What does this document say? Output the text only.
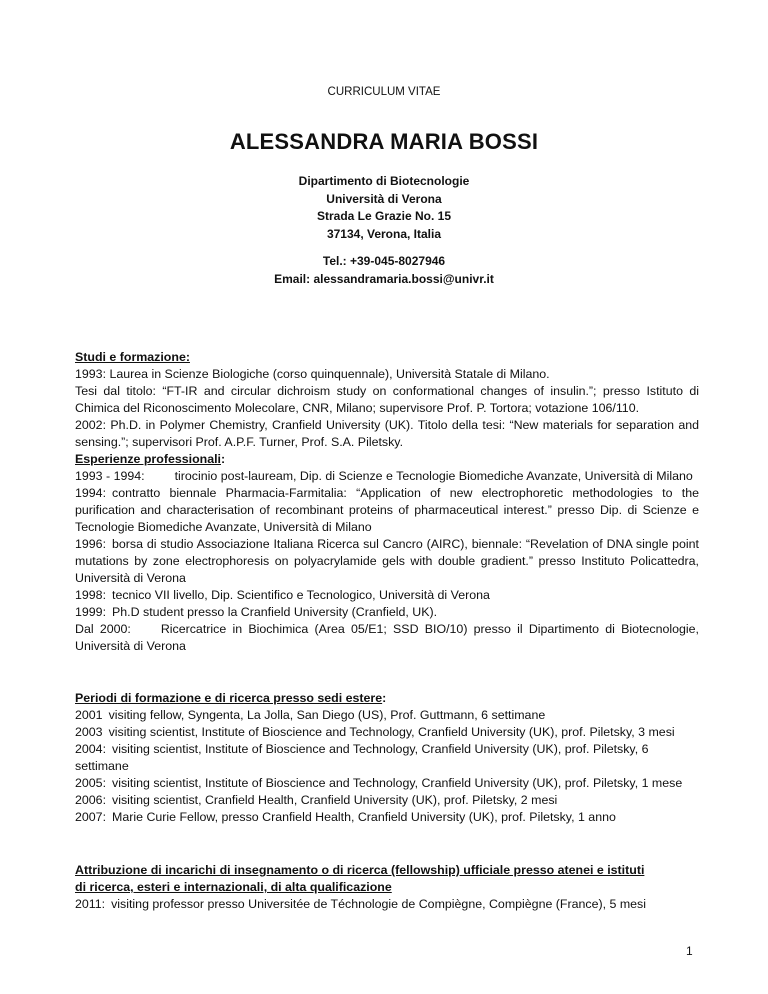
CURRICULUM VITAE
ALESSANDRA MARIA BOSSI
Dipartimento di Biotecnologie
Università di Verona
Strada Le Grazie No. 15
37134, Verona, Italia
Tel.: +39-045-8027946
Email: alessandramaria.bossi@univr.it
Studi e formazione:

1993: Laurea in Scienze Biologiche (corso quinquennale), Università Statale di Milano.

Tesi dal titolo: “FT-IR and circular dichroism study on conformational changes of insulin.”; presso Istituto di Chimica del Riconoscimento Molecolare, CNR, Milano; supervisore Prof. P. Tortora; votazione 106/110.

2002: Ph.D. in Polymer Chemistry, Cranfield University (UK). Titolo della tesi: “New materials for separation and sensing.”; supervisori Prof. A.P.F. Turner, Prof. S.A. Piletsky.

Esperienze professionali:

1993 - 1994: tirocinio post-lauream, Dip. di Scienze e Tecnologie Biomediche Avanzate, Università di Milano

1994: contratto biennale Pharmacia-Farmitalia: “Application of new electrophoretic methodologies to the purification and characterisation of recombinant proteins of pharmaceutical interest.” presso Dip. di Scienze e Tecnologie Biomediche Avanzate, Università di Milano

1996: borsa di studio Associazione Italiana Ricerca sul Cancro (AIRC), biennale: “Revelation of DNA single point mutations by zone electrophoresis on polyacrylamide gels with double gradient.” presso Instituto Policattedra, Università di Verona

1998: tecnico VII livello, Dip. Scientifico e Tecnologico, Università di Verona

1999: Ph.D student presso la Cranfield University (Cranfield, UK).

Dal 2000: Ricercatrice in Biochimica (Area 05/E1; SSD BIO/10) presso il Dipartimento di Biotecnologie, Università di Verona

Periodi di formazione e di ricerca presso sedi estere:

2001 visiting fellow, Syngenta, La Jolla, San Diego (US), Prof. Guttmann, 6 settimane

2003 visiting scientist, Institute of Bioscience and Technology, Cranfield University (UK), prof. Piletsky, 3 mesi

2004: visiting scientist, Institute of Bioscience and Technology, Cranfield University (UK), prof. Piletsky, 6 settimane

2005: visiting scientist, Institute of Bioscience and Technology, Cranfield University (UK), prof. Piletsky, 1 mese

2006: visiting scientist, Cranfield Health, Cranfield University (UK), prof. Piletsky, 2 mesi

2007: Marie Curie Fellow, presso Cranfield Health, Cranfield University (UK), prof. Piletsky, 1 anno

Attribuzione di incarichi di insegnamento o di ricerca (fellowship) ufficiale presso atenei e istituti
di ricerca, esteri e internazionali, di alta qualificazione

2011: visiting professor presso Universitée de Téchnologie de Compiègne, Compiègne (France), 5 mesi

1
